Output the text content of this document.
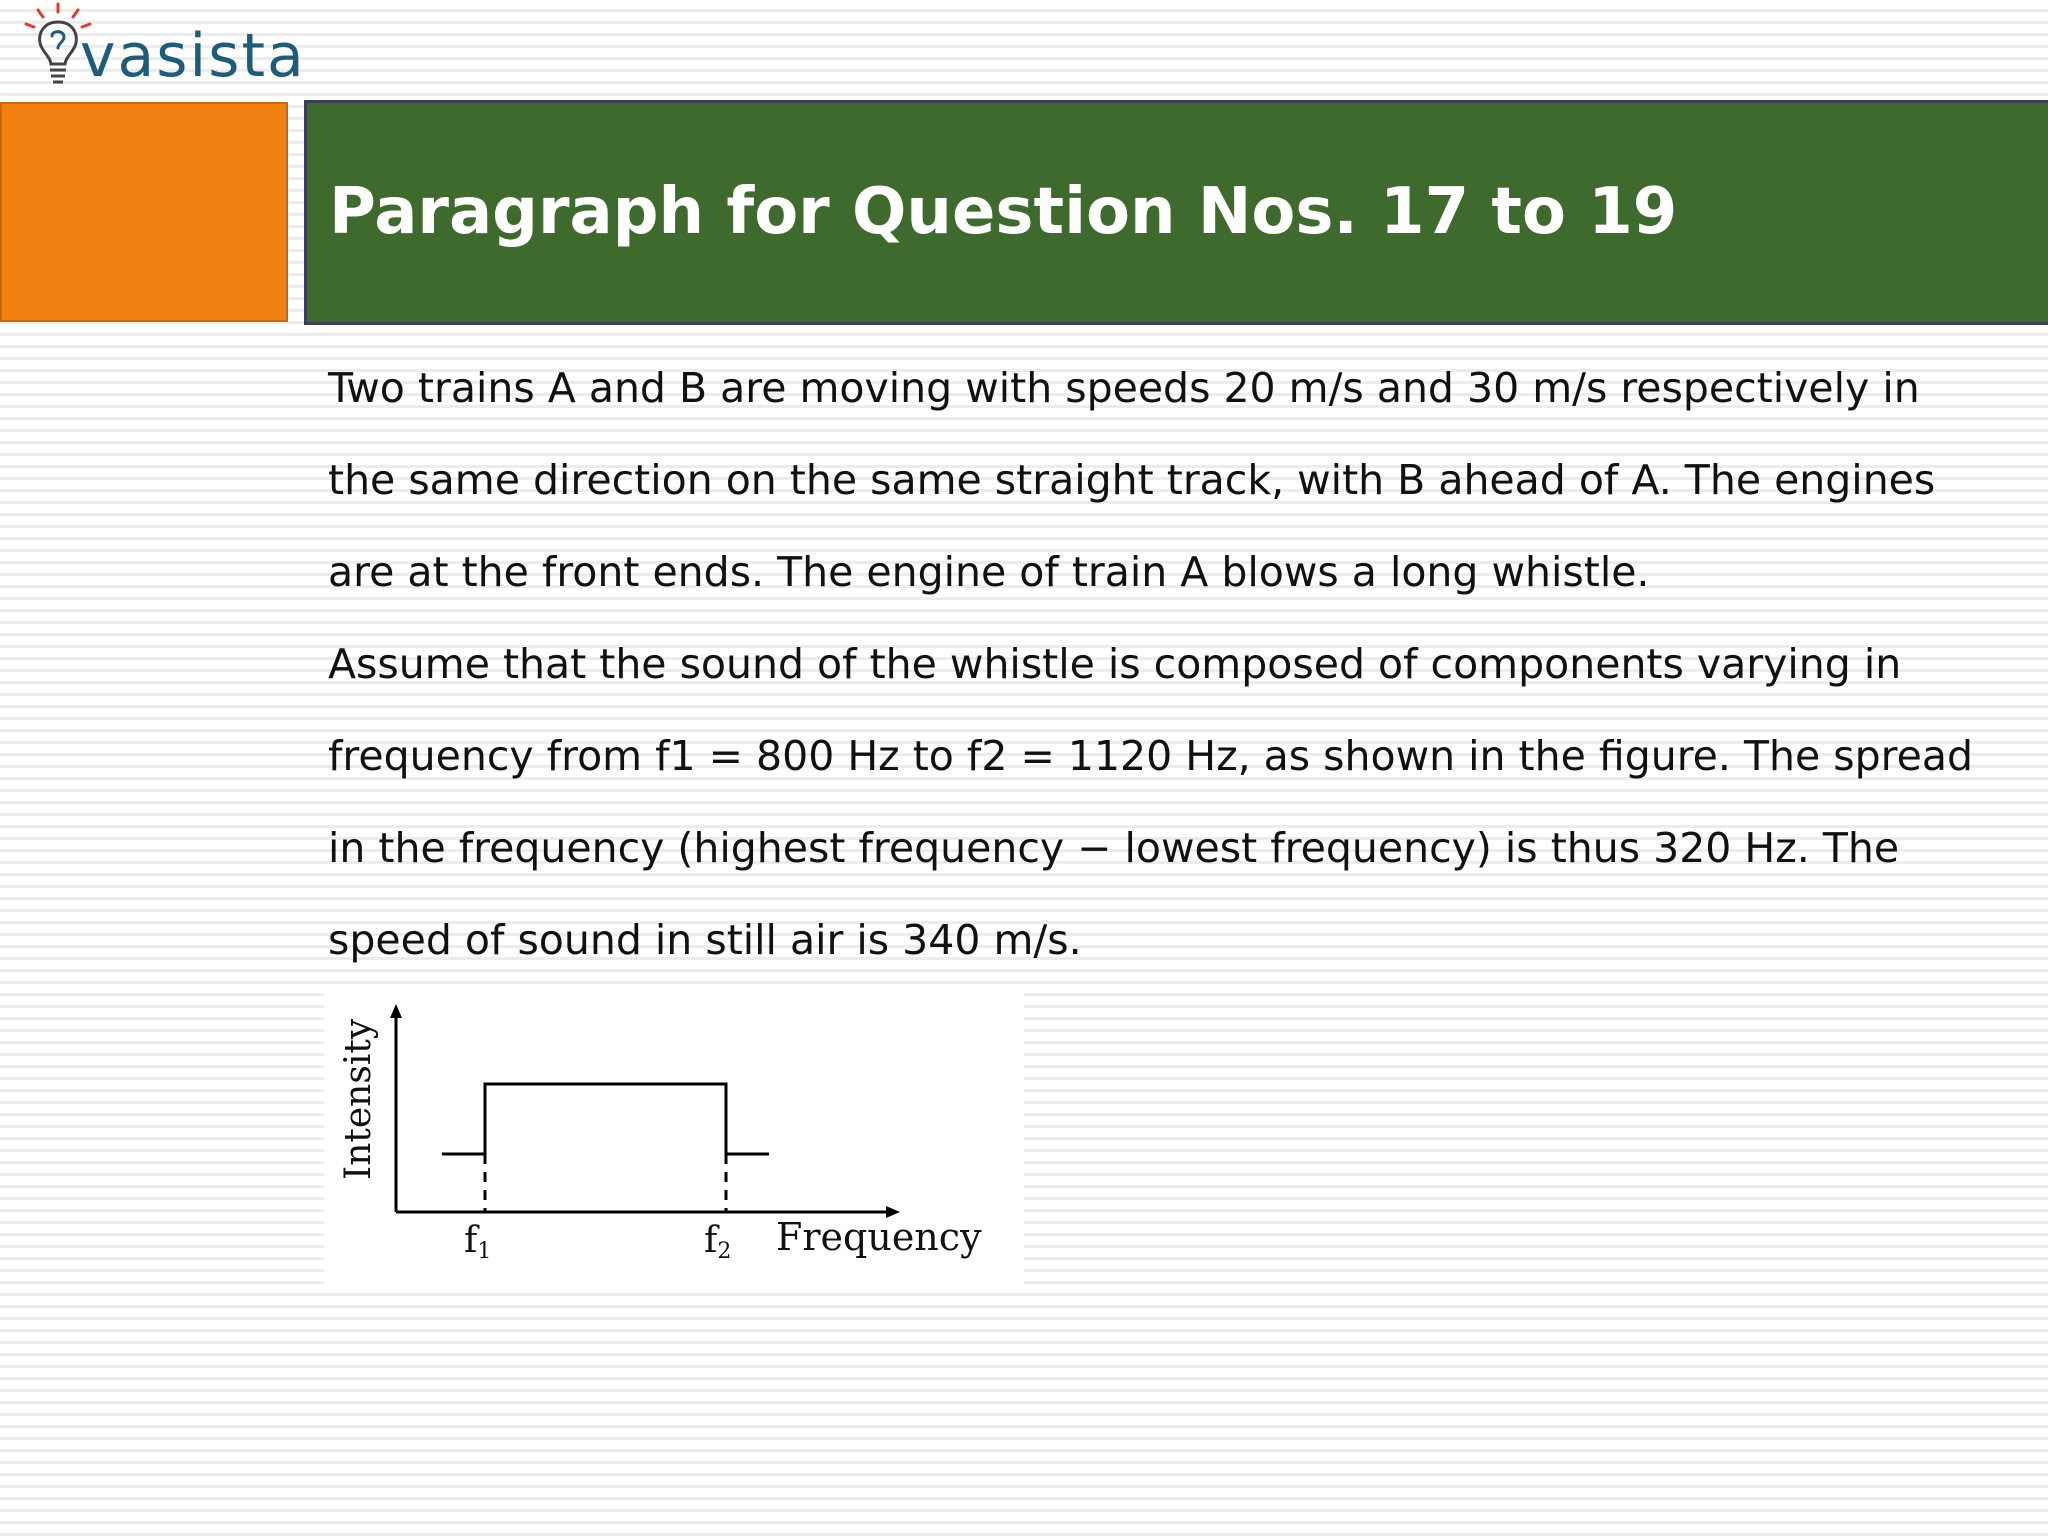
vasista
Paragraph for Question Nos. 17 to 19
Two trains A and B are moving with speeds 20 m/s and 30 m/s respectively in
the same direction on the same straight track, with B ahead of A. The engines
are at the front ends. The engine of train A blows a long whistle.
Assume that the sound of the whistle is composed of components varying in
frequency from f1 = 800 Hz to f2 = 1120 Hz, as shown in the figure. The spread
in the frequency (highest frequency − lowest frequency) is thus 320 Hz. The
speed of sound in still air is 340 m/s.
Intensity
f1	f2 Frequency
